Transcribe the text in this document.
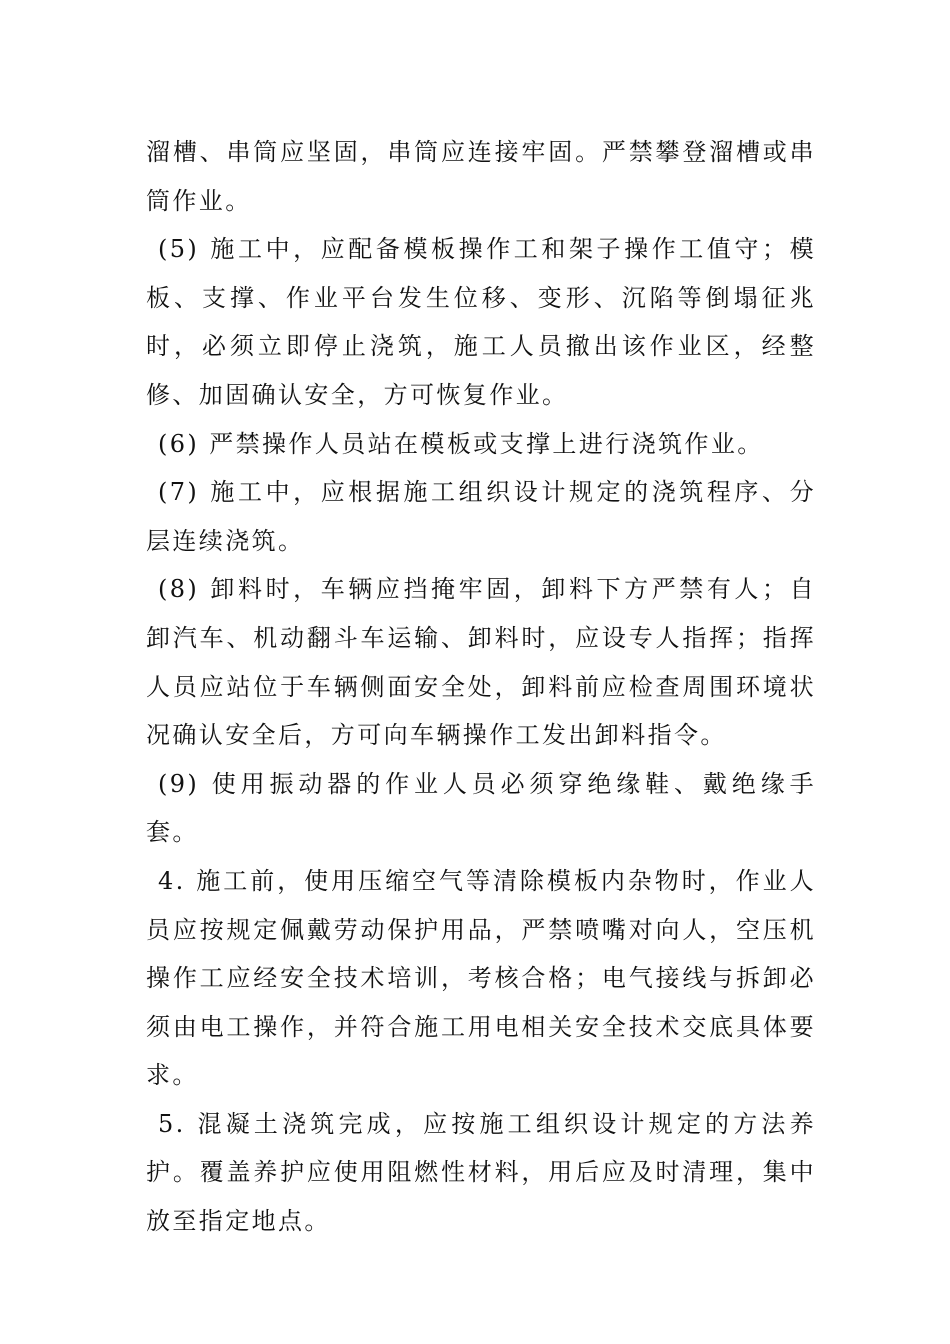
溜槽、串筒应坚固，串筒应连接牢固。严禁攀登溜槽或串筒作业。

(5) 施工中，应配备模板操作工和架子操作工值守；模板、支撑、作业平台发生位移、变形、沉陷等倒塌征兆时，必须立即停止浇筑，施工人员撤出该作业区，经整修、加固确认安全，方可恢复作业。

(6) 严禁操作人员站在模板或支撑上进行浇筑作业。

(7) 施工中，应根据施工组织设计规定的浇筑程序、分层连续浇筑。

(8) 卸料时，车辆应挡掩牢固，卸料下方严禁有人；自卸汽车、机动翻斗车运输、卸料时，应设专人指挥；指挥人员应站位于车辆侧面安全处，卸料前应检查周围环境状况确认安全后，方可向车辆操作工发出卸料指令。

(9) 使用振动器的作业人员必须穿绝缘鞋、戴绝缘手套。

4. 施工前，使用压缩空气等清除模板内杂物时，作业人员应按规定佩戴劳动保护用品，严禁喷嘴对向人，空压机操作工应经安全技术培训，考核合格；电气接线与拆卸必须由电工操作，并符合施工用电相关安全技术交底具体要求。

5. 混凝土浇筑完成，应按施工组织设计规定的方法养护。覆盖养护应使用阻燃性材料，用后应及时清理，集中放至指定地点。
